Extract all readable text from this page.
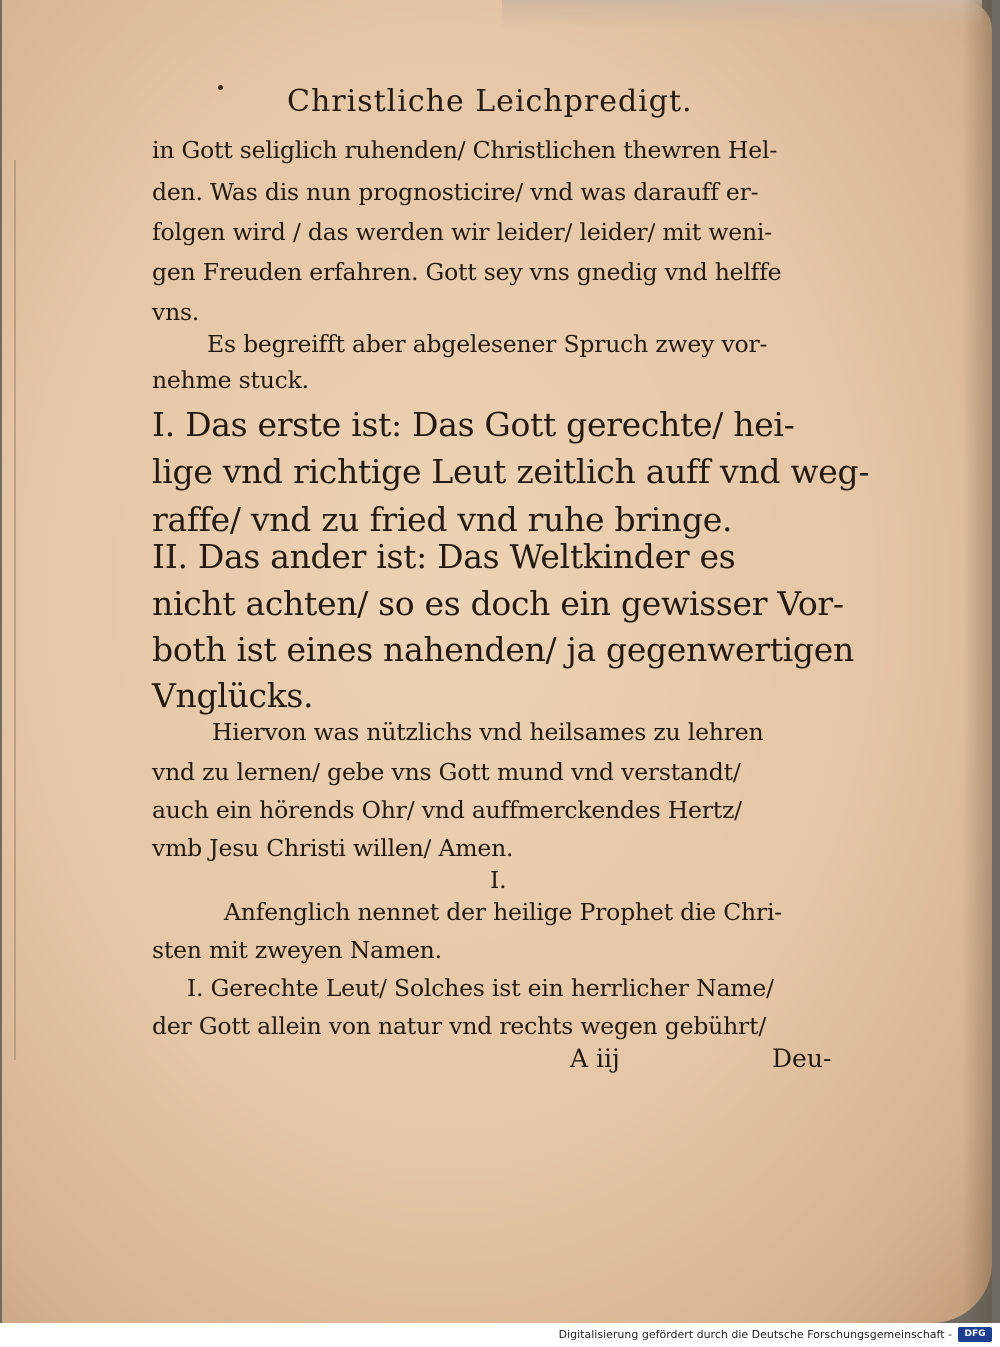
Christliche Leichpredigt.
in Gott seliglich ruhenden/ Christlichen thewren Hel-
den. Was dis nun prognosticire/ vnd was darauff er-
folgen wird / das werden wir leider/ leider/ mit weni-
gen Freuden erfahren. Gott sey vns gnedig vnd helffe
vns.
Es begreifft aber abgelesener Spruch zwey vor-
nehme stuck.
I. Das erste ist: Das Gott gerechte/ hei-
lige vnd richtige Leut zeitlich auff vnd weg-
raffe/ vnd zu fried vnd ruhe bringe.
II. Das ander ist: Das Weltkinder es
nicht achten/ so es doch ein gewisser Vor-
both ist eines nahenden/ ja gegenwertigen
Vnglücks.
Hiervon was nützlichs vnd heilsames zu lehren
vnd zu lernen/ gebe vns Gott mund vnd verstandt/
auch ein hörends Ohr/ vnd auffmerckendes Hertz/
vmb Jesu Christi willen/ Amen.
I.
Anfenglich nennet der heilige Prophet die Chri-
sten mit zweyen Namen.
I. Gerechte Leut/ Solches ist ein herrlicher Name/
der Gott allein von natur vnd rechts wegen gebührt/
A iij	Deu-
Digitalisierung gefördert durch die Deutsche Forschungsgemeinschaft -	DFG
